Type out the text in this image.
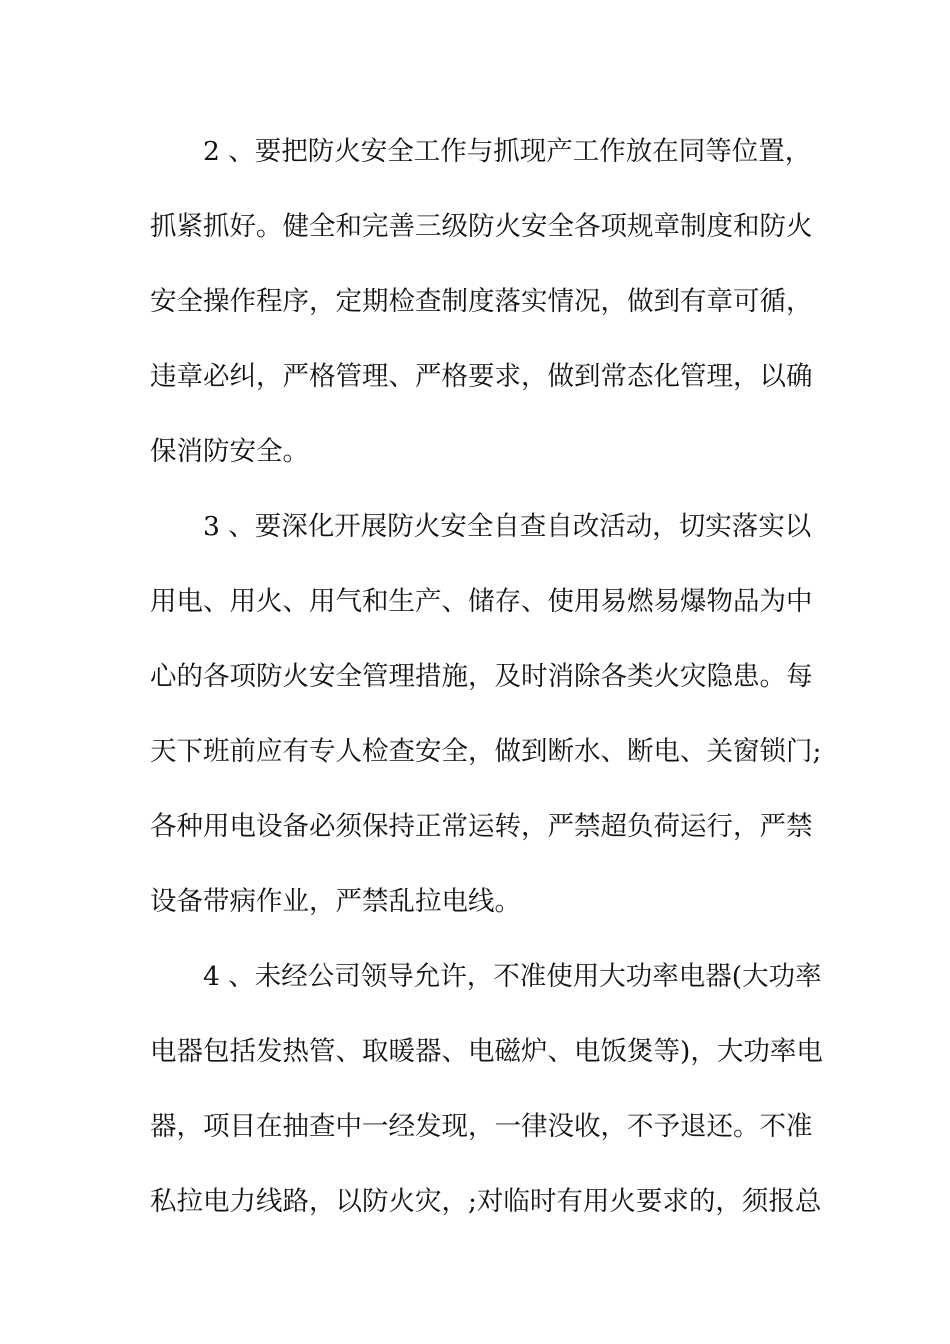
2 、要把防火安全工作与抓现产工作放在同等位置，
抓紧抓好。健全和完善三级防火安全各项规章制度和防火
安全操作程序，定期检查制度落实情况，做到有章可循，
违章必纠，严格管理、严格要求，做到常态化管理，以确
保消防安全。
3 、要深化开展防火安全自查自改活动，切实落实以
用电、用火、用气和生产、储存、使用易燃易爆物品为中
心的各项防火安全管理措施，及时消除各类火灾隐患。每
天下班前应有专人检查安全，做到断水、断电、关窗锁门;
各种用电设备必须保持正常运转，严禁超负荷运行，严禁
设备带病作业，严禁乱拉电线。
4 、未经公司领导允许，不准使用大功率电器(大功率
电器包括发热管、取暖器、电磁炉、电饭煲等)，大功率电
器，项目在抽查中一经发现，一律没收，不予退还。不准
私拉电力线路，以防火灾，;对临时有用火要求的，须报总
